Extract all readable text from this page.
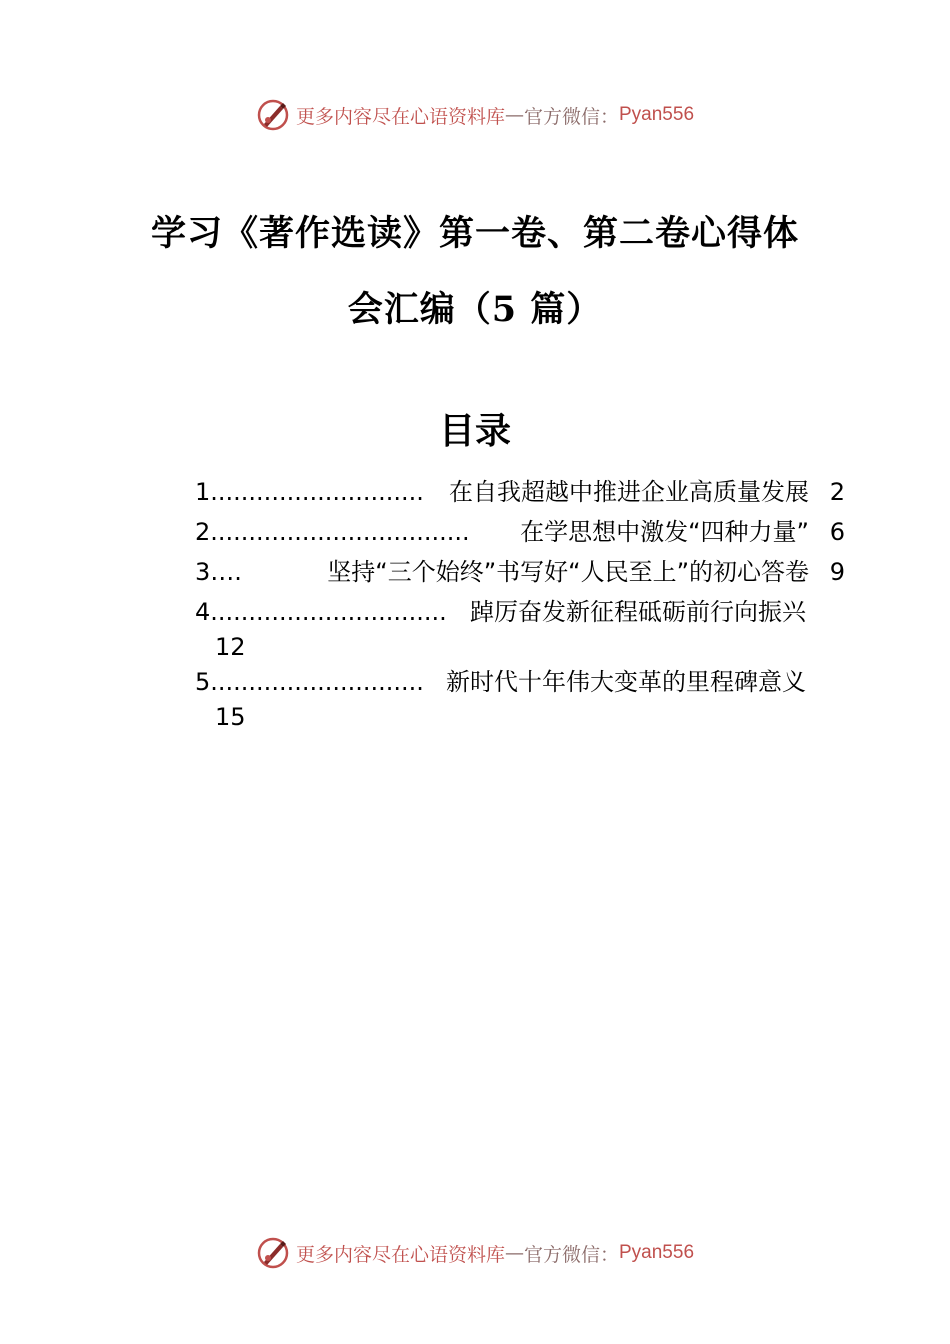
更多内容尽在心语资料库 — 官方微信： Pyan556
学习《著作选读》第一卷、第二卷心得体
会汇编（5 篇）
目录
1 ............................	在自我超越中推进企业高质量发展 2
2 ..................................	在学思想中激发“四种力量” 6
3 ….	坚持“三个始终”书写好“人民至上”的初心答卷 9
4 ............................... 踔厉奋发新征程砥砺前行向振兴
12
5 ............................ 新时代十年伟大变革的里程碑意义
15
更多内容尽在心语资料库 — 官方微信： Pyan556
